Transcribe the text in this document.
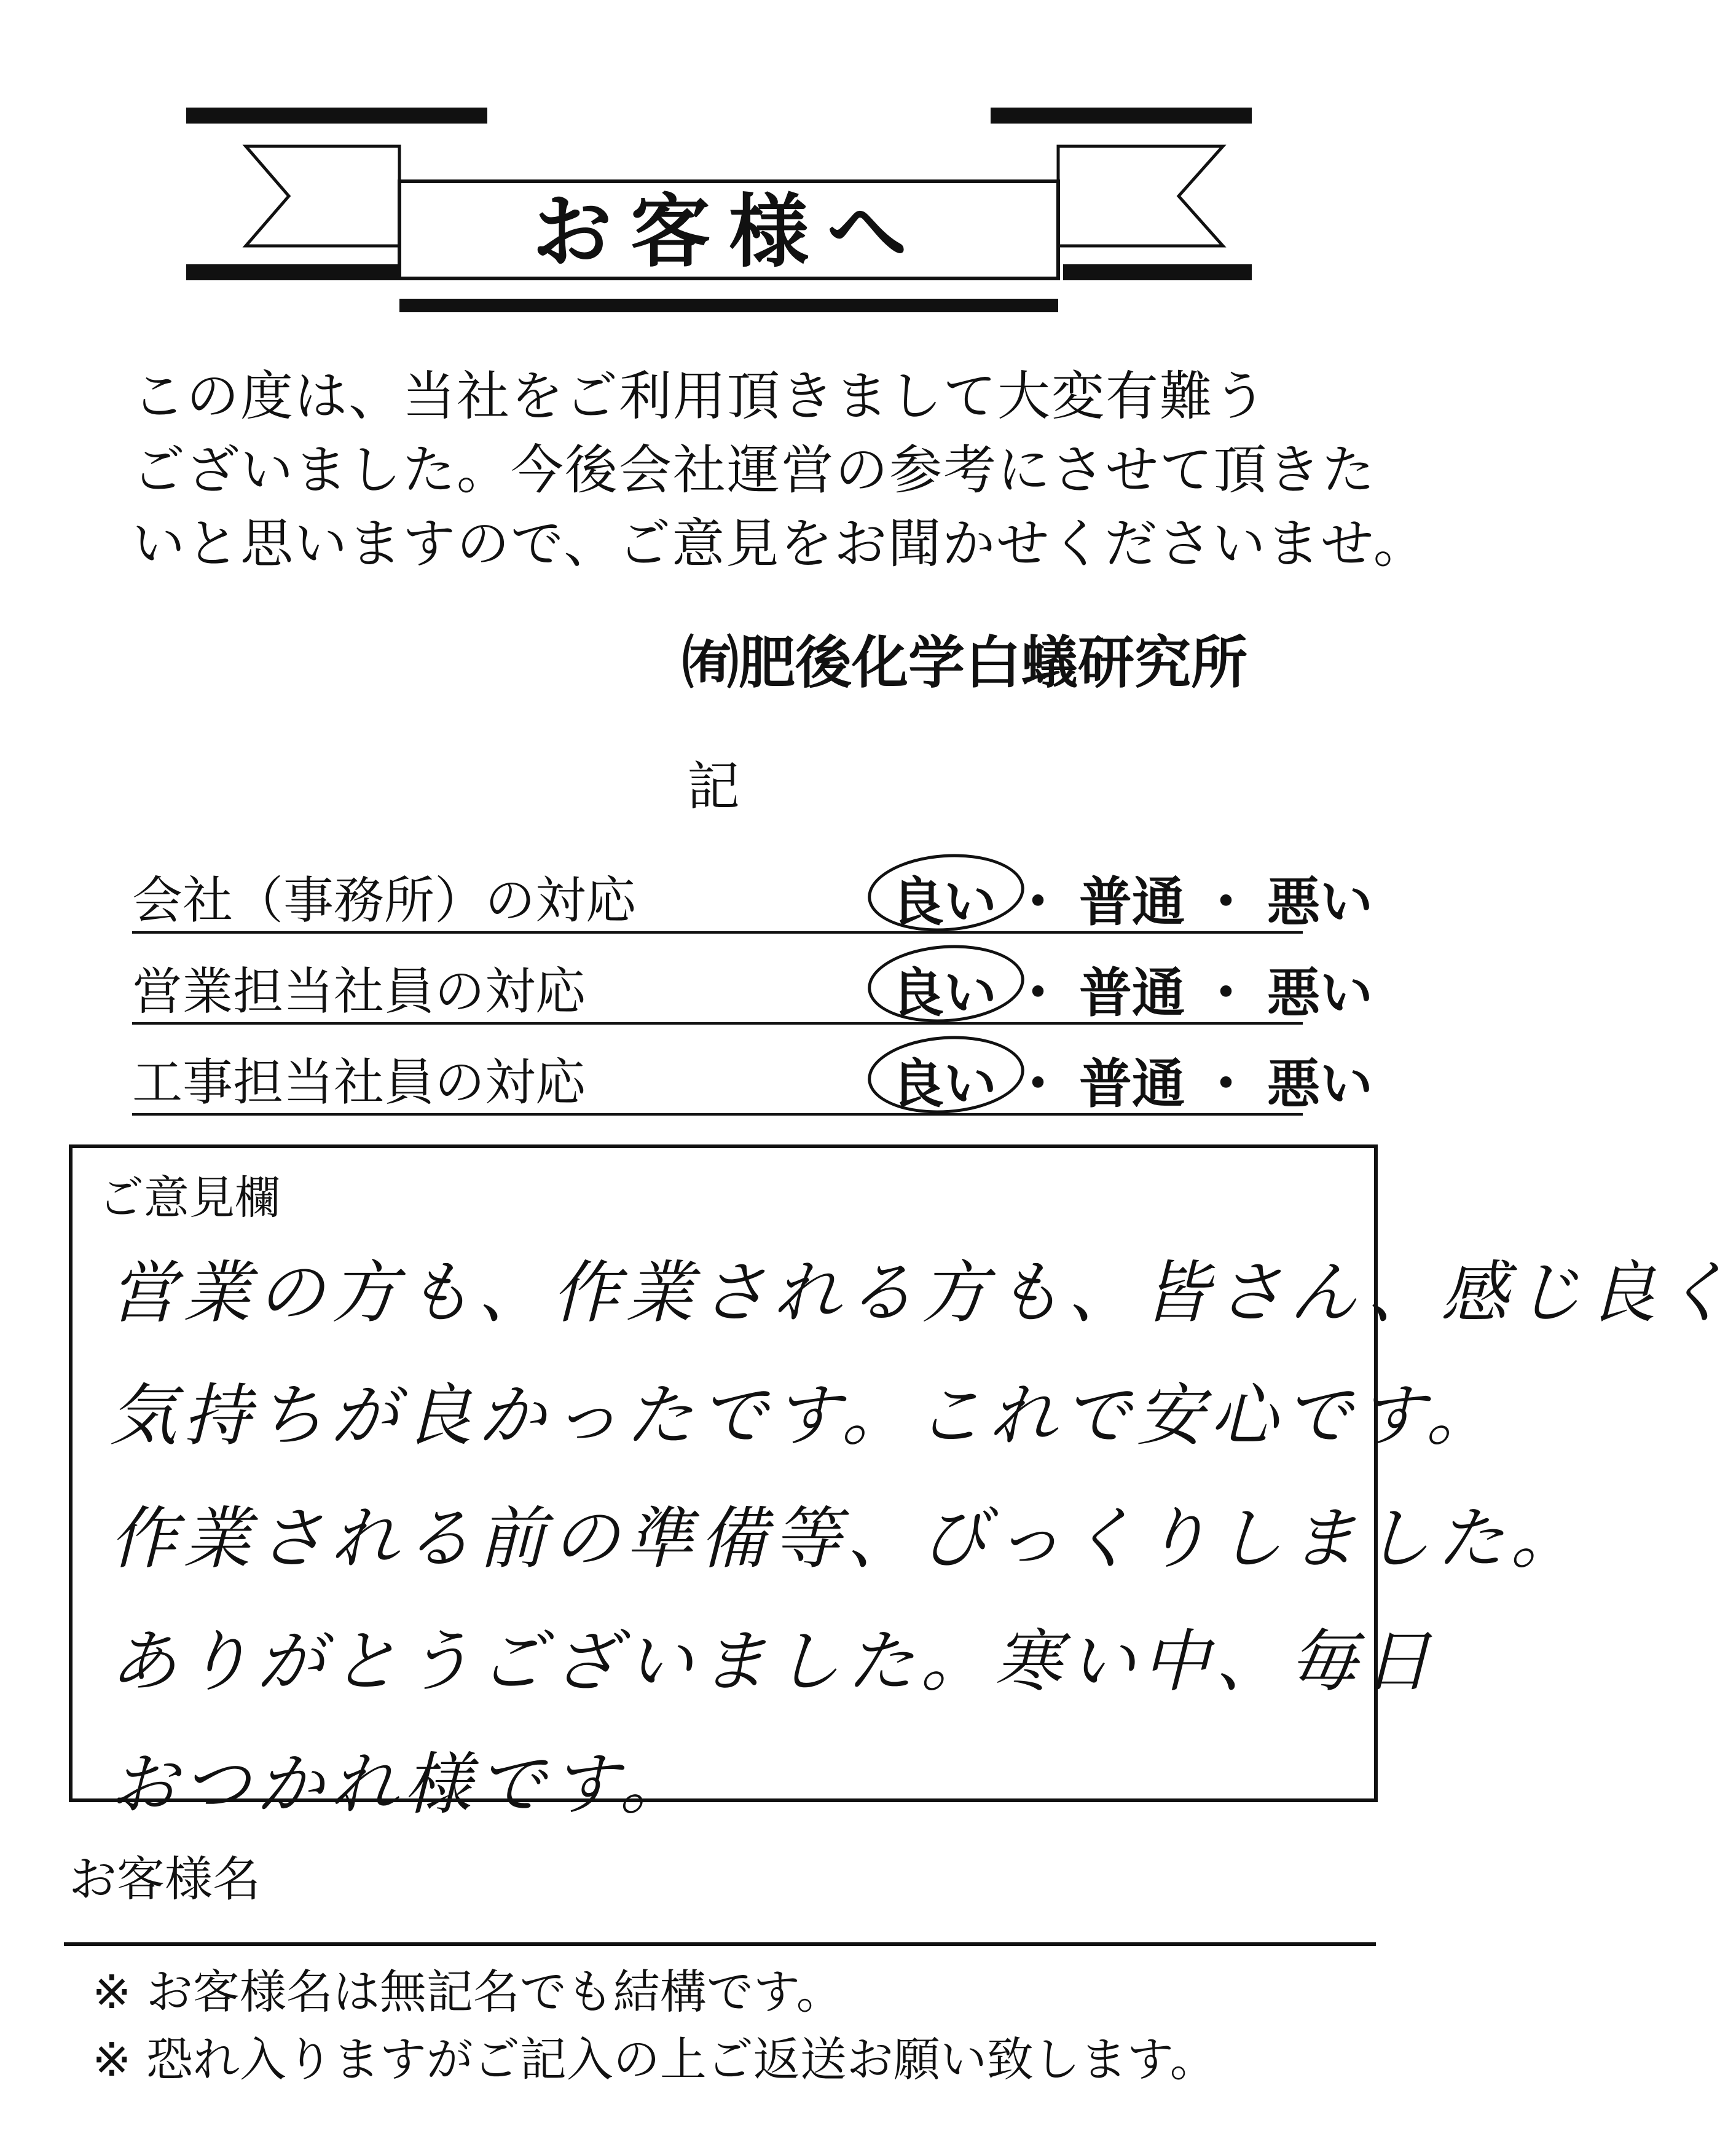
お客様へ
この度は、当社をご利用頂きまして大変有難う
ございました。今後会社運営の参考にさせて頂きた
いと思いますので、ご意見をお聞かせくださいませ。
㈲肥後化学白蟻研究所
記
会社（事務所）の対応	良い ・ 普通 ・ 悪い
営業担当社員の対応	良い ・ 普通 ・ 悪い
工事担当社員の対応	良い ・ 普通 ・ 悪い
ご意見欄
営業の方も、作業される方も、皆さん、感じ良く
気持ちが良かったです。これで安心です。
作業される前の準備等、びっくりしました。
ありがとうございました。寒い中、毎日
おつかれ様です。
お客様名
※ お客様名は無記名でも結構です。
※ 恐れ入りますがご記入の上ご返送お願い致します。
